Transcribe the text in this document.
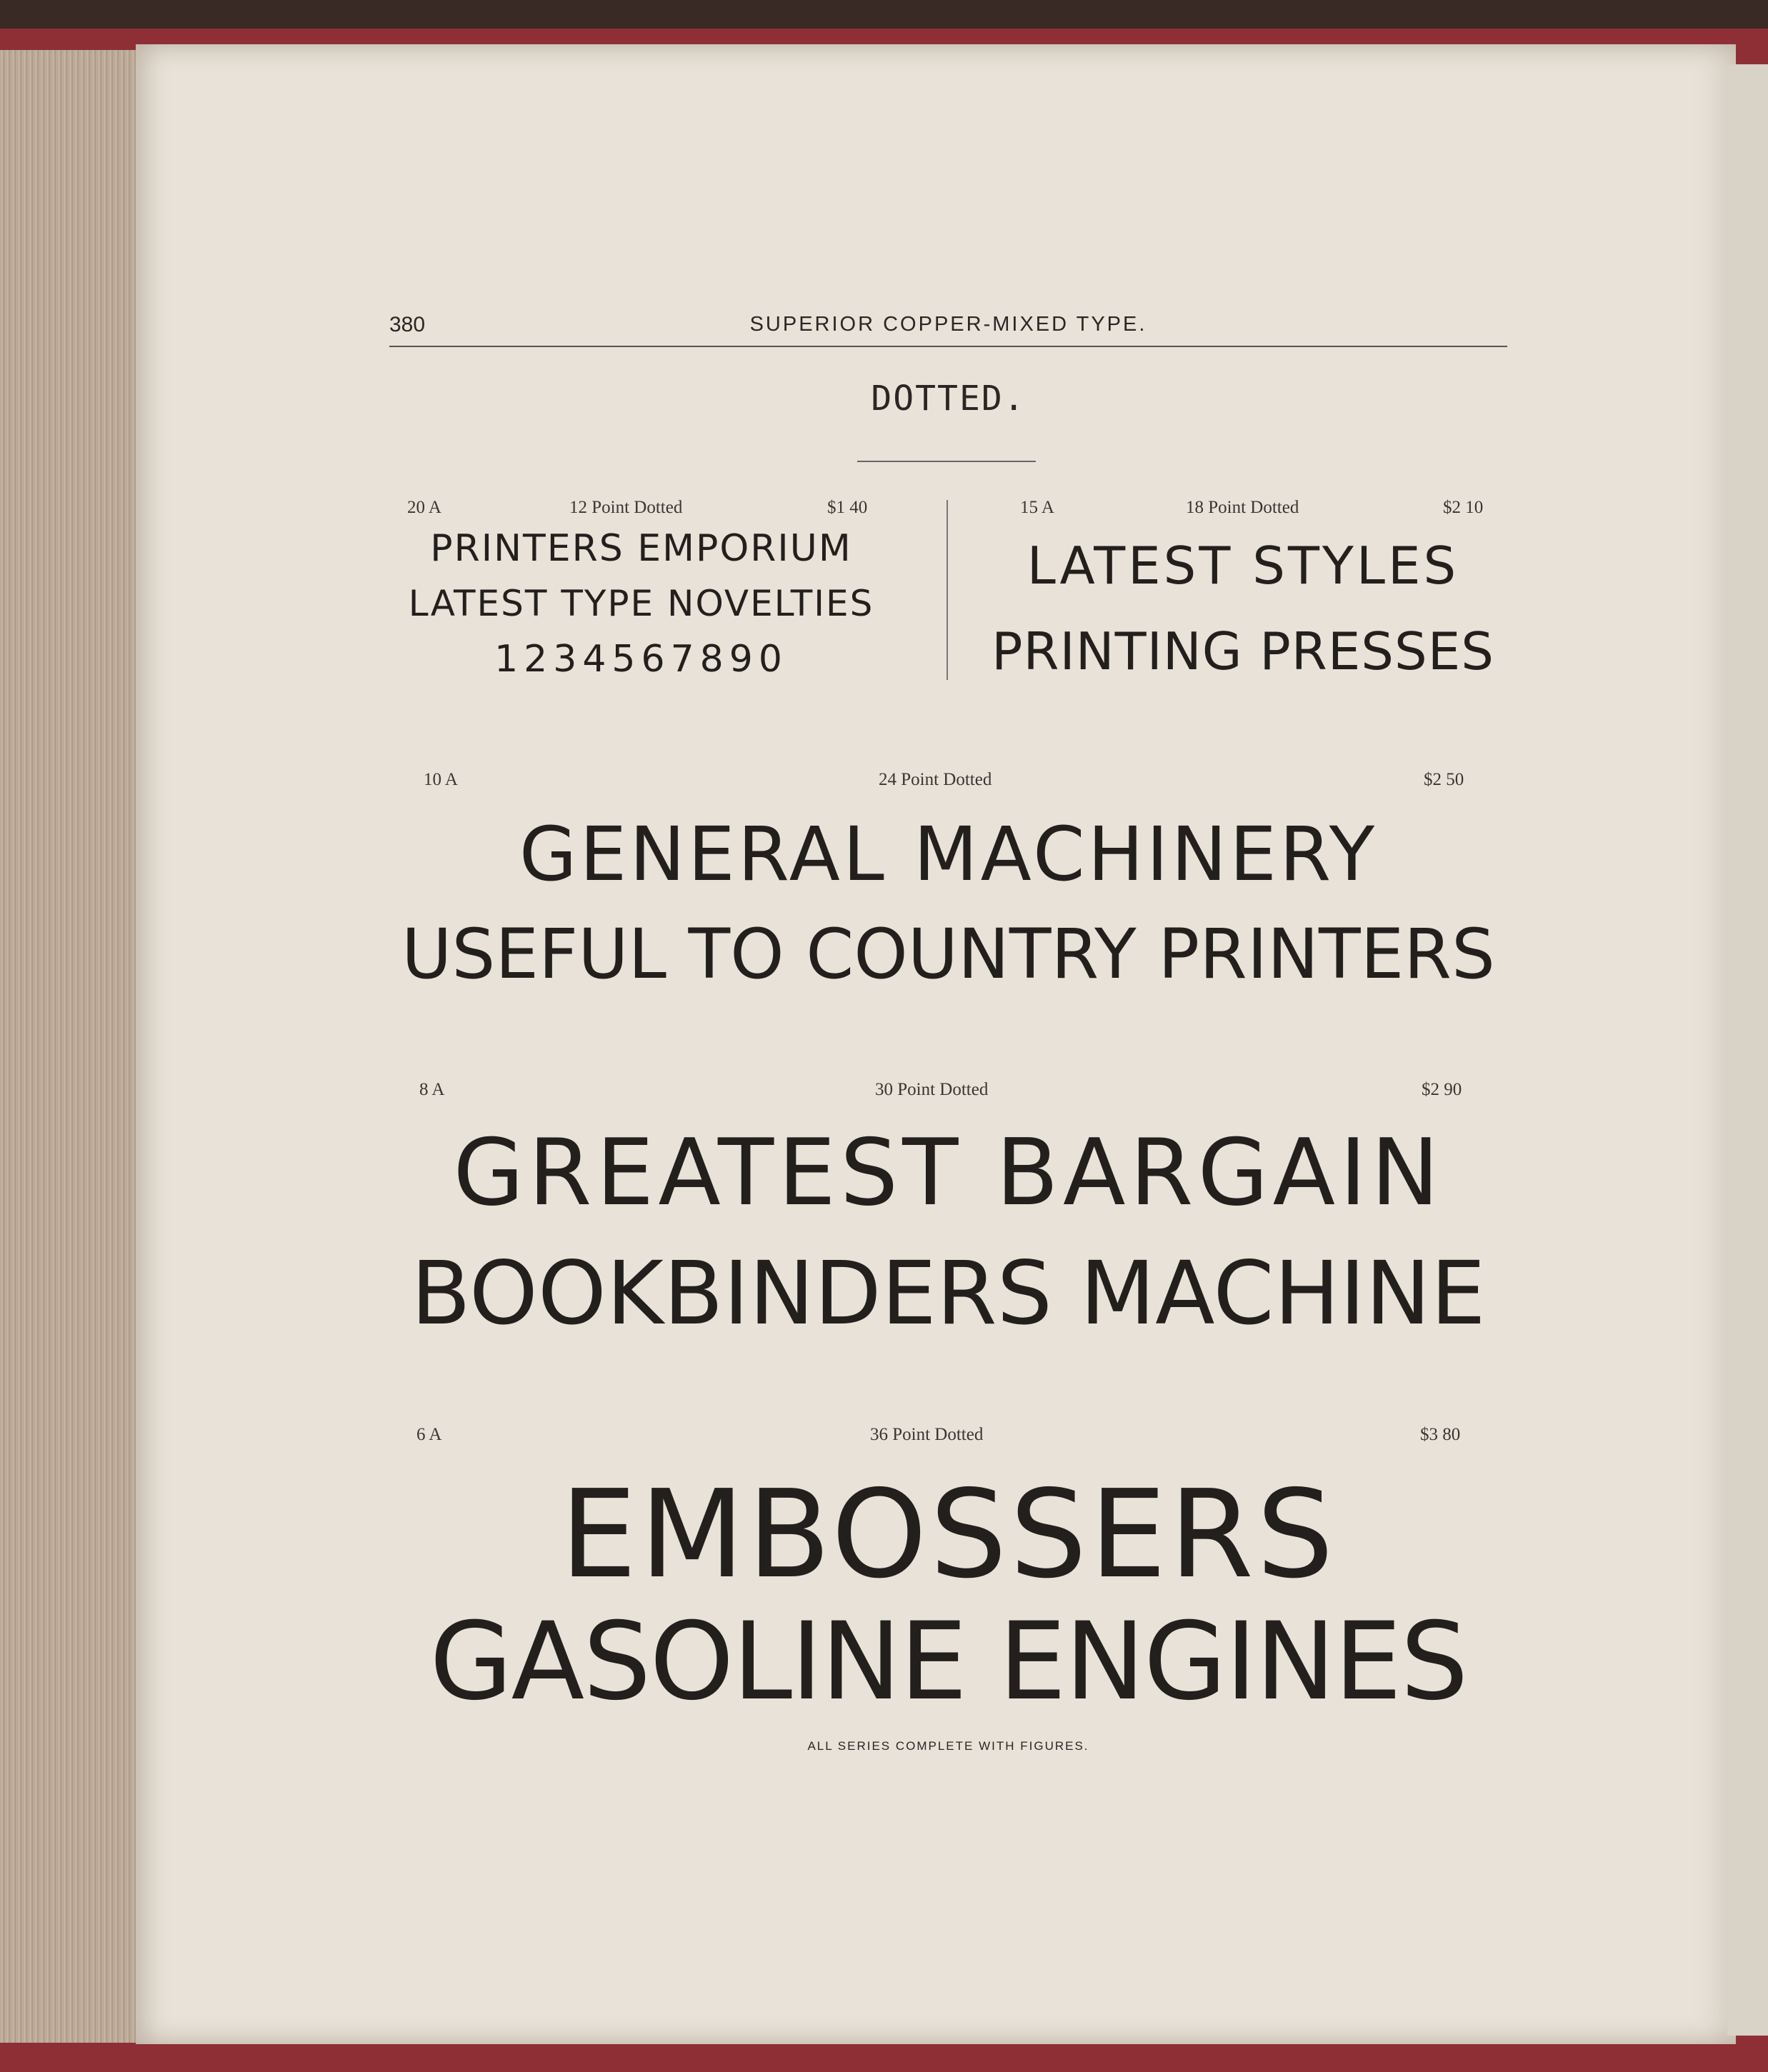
380	SUPERIOR COPPER-MIXED TYPE.
DOTTED.
20 A	12 Point Dotted	$1 40
PRINTERS EMPORIUM
LATEST TYPE NOVELTIES
1234567890
15 A	18 Point Dotted	$2 10
LATEST STYLES
PRINTING PRESSES
10 A	24 Point Dotted	$2 50
GENERAL MACHINERY
USEFUL TO COUNTRY PRINTERS
8 A	30 Point Dotted	$2 90
GREATEST BARGAIN
BOOKBINDERS MACHINE
6 A	36 Point Dotted	$3 80
EMBOSSERS
GASOLINE ENGINES
ALL SERIES COMPLETE WITH FIGURES.
